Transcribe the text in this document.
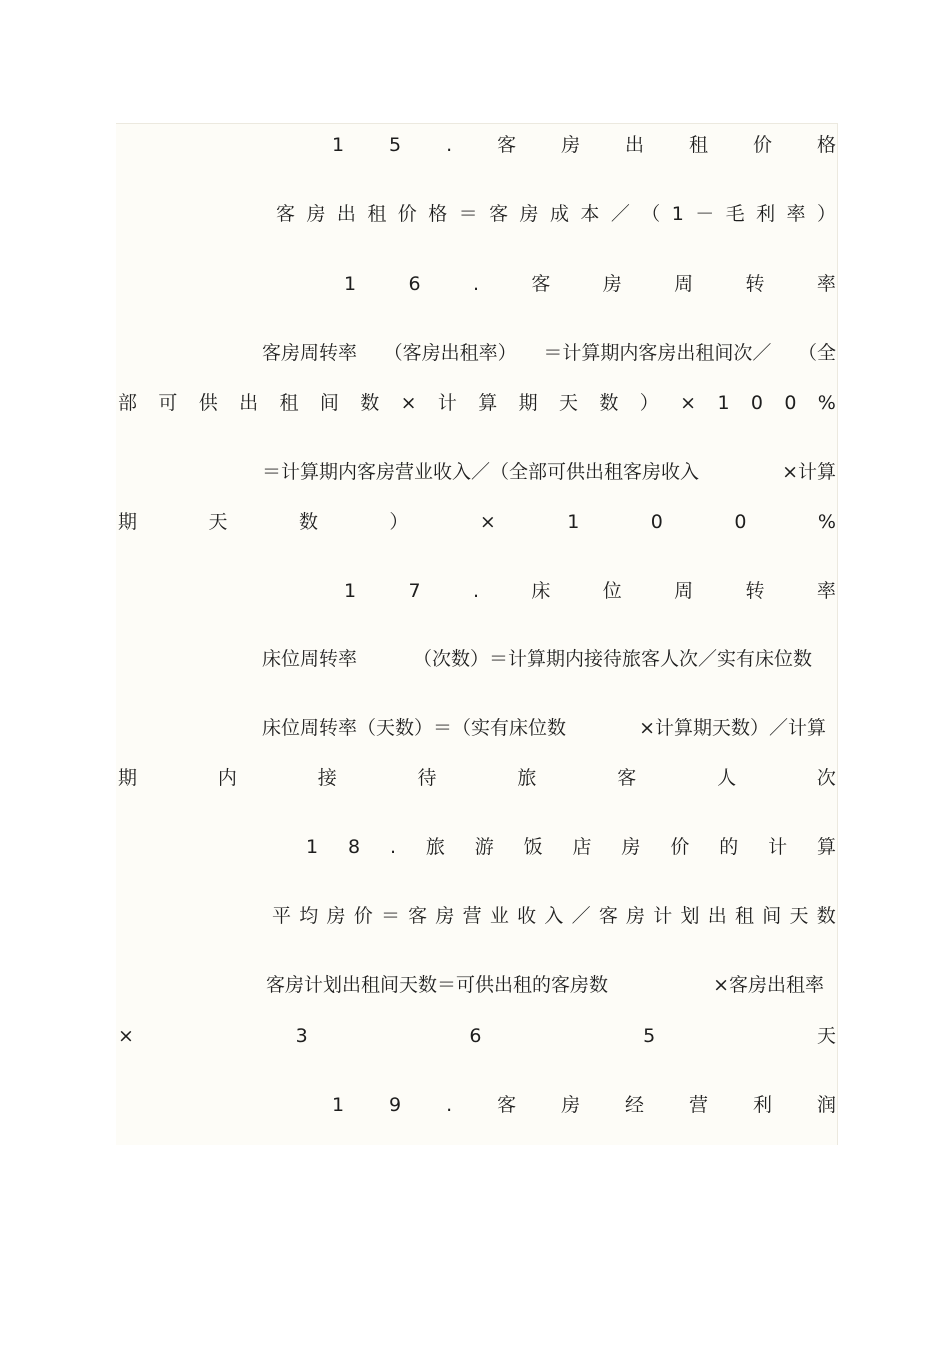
1 5 . 客 房 出 租 价 格
客 房 出 租 价 格 ＝ 客 房 成 本 ／ （ 1 － 毛 利 率 ）
1	6	.	客	房	周	转	率
客房周转率 （客房出租率） ＝计算期内客房出租间次／ （全
部 可 供 出 租 间 数 × 计 算 期 天 数 ） × 1 0 0 %
＝计算期内客房营业收入／（全部可供出租客房收入	×计算
期	天	数	）	×	1	0	0	%
1	7	.	床	位	周	转	率
床位周转率	（次数）＝计算期内接待旅客人次／实有床位数
床位周转率（天数）＝（实有床位数	×计算期天数）／计算
期	内	接	待	旅	客	人	次
1 8 . 旅 游 饭 店 房 价 的 计 算
平 均 房 价 ＝ 客 房 营 业 收 入 ／ 客 房 计 划 出 租 间 天 数
客房计划出租间天数＝可供出租的客房数	×客房出租率
×	3	6	5	天
1 9 . 客 房 经 营 利 润
